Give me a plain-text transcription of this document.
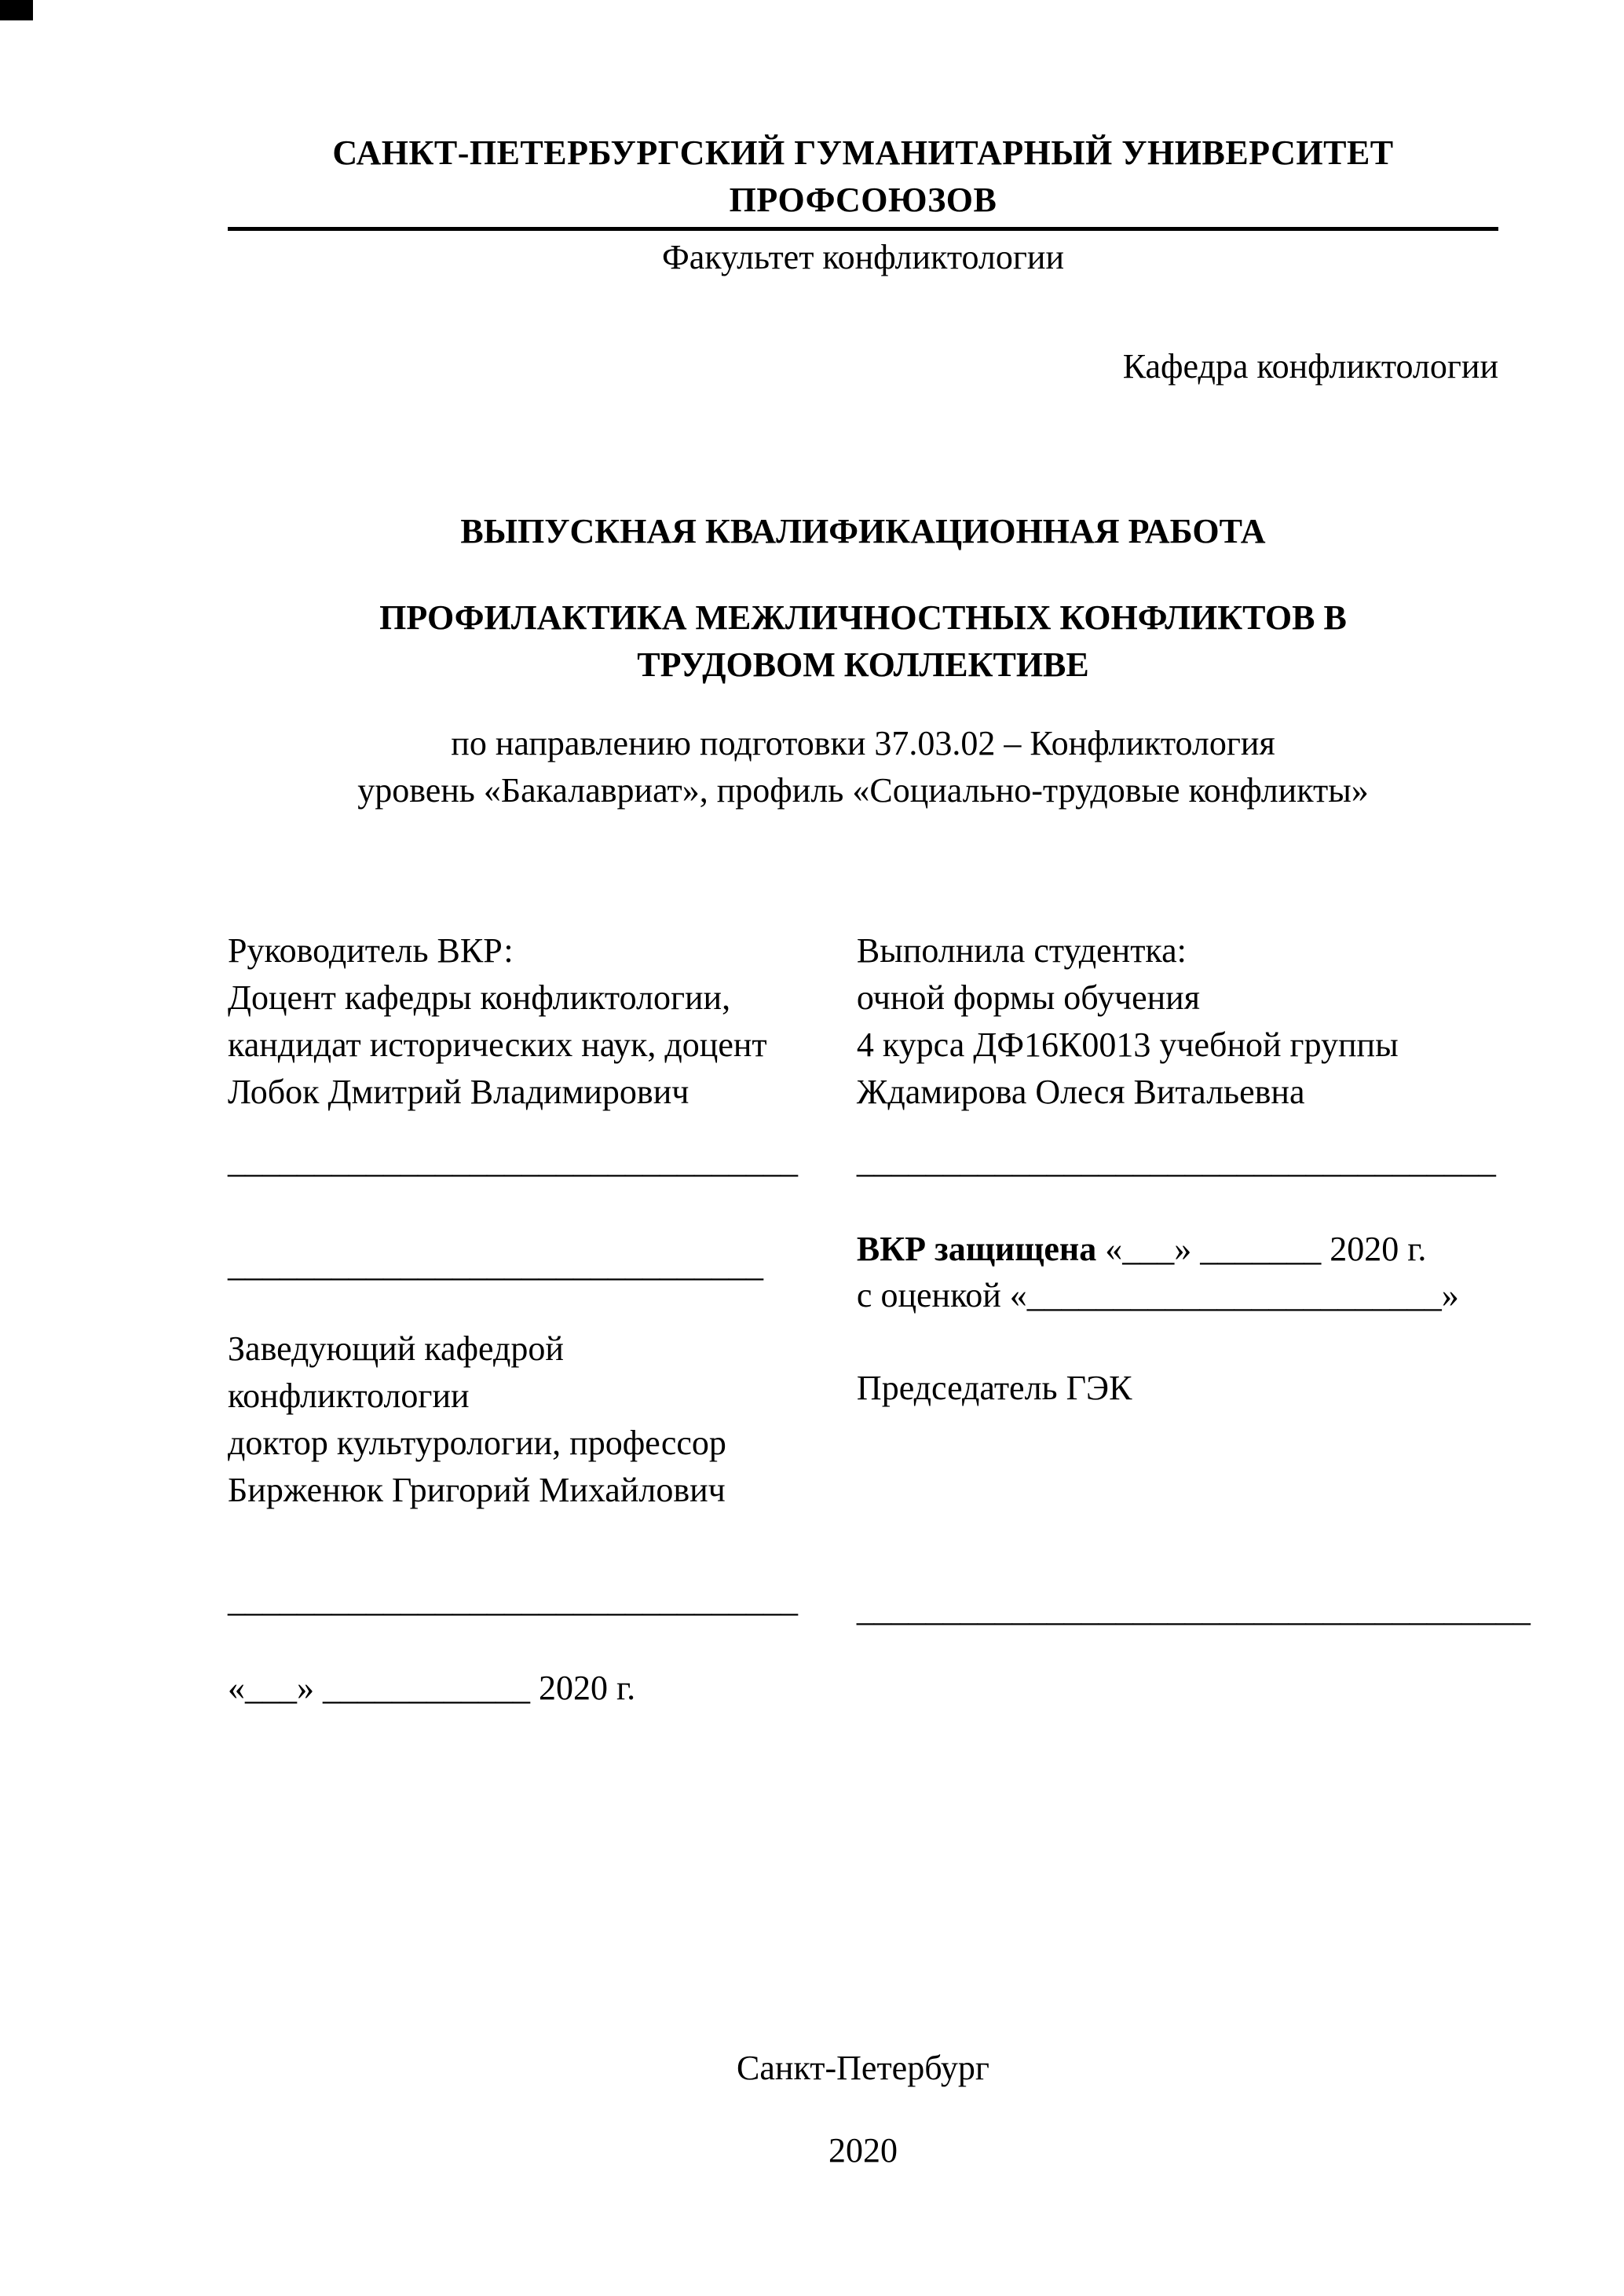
САНКТ-ПЕТЕРБУРГСКИЙ ГУМАНИТАРНЫЙ УНИВЕРСИТЕТ ПРОФСОЮЗОВ
Факультет конфликтологии
Кафедра конфликтологии
ВЫПУСКНАЯ КВАЛИФИКАЦИОННАЯ РАБОТА
ПРОФИЛАКТИКА МЕЖЛИЧНОСТНЫХ КОНФЛИКТОВ В
ТРУДОВОМ КОЛЛЕКТИВЕ
по направлению подготовки 37.03.02 – Конфликтология
уровень «Бакалавриат», профиль «Социально-трудовые конфликты»
Руководитель ВКР:
Доцент кафедры конфликтологии,
кандидат исторических наук, доцент
Лобок Дмитрий Владимирович
_________________________________
_______________________________
Заведующий кафедрой
конфликтологии
доктор культурологии, профессор
Бирженюк Григорий Михайлович
_________________________________
«___» ____________ 2020 г.
Выполнила студентка:
очной формы обучения
4 курса ДФ16К0013 учебной группы
Ждамирова Олеся Витальевна
_____________________________________
ВКР защищена «___» _______ 2020 г.
с оценкой «________________________»
Председатель ГЭК
_______________________________________
Санкт-Петербург
2020
